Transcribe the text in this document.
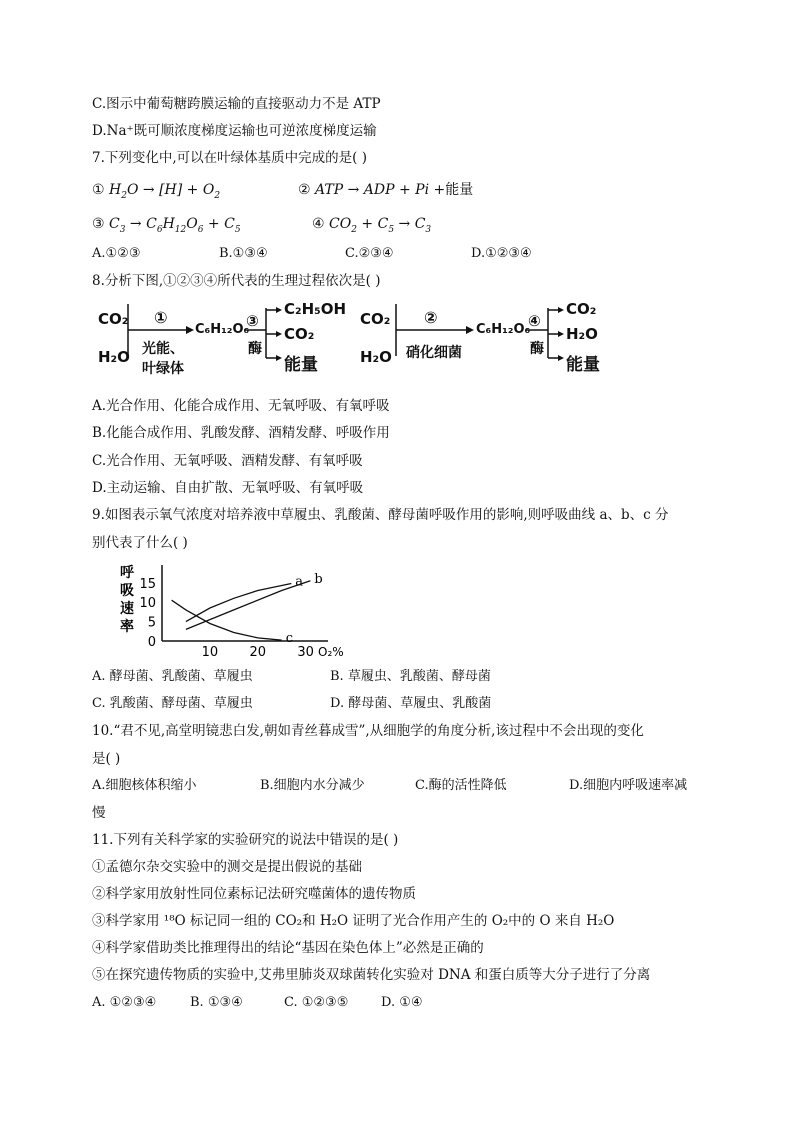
C.图示中葡萄糖跨膜运输的直接驱动力不是 ATP
D.Na⁺既可顺浓度梯度运输也可逆浓度梯度运输
7.下列变化中,可以在叶绿体基质中完成的是( )
① $H_2O \to [H] + O_2$	② ATP → ADP + Pi +能量
③ $C_3 \to C_6H_{12}O_6 + C_5$	④ $CO_2 + C_5 \to C_3$
A.①②③	B.①③④	C.②③④	D.①②③④
8.分析下图,①②③④所代表的生理过程依次是( )
CO₂
H₂O
①
光能、
叶绿体
C₆H₁₂O₆
③
酶
C₂H₅OH
CO₂
能量
CO₂
H₂O
②
硝化细菌
C₆H₁₂O₆
④
酶
CO₂
H₂O
能量
A.光合作用、化能合成作用、无氧呼吸、有氧呼吸
B.化能合成作用、乳酸发酵、酒精发酵、呼吸作用
C.光合作用、无氧呼吸、酒精发酵、有氧呼吸
D.主动运输、自由扩散、无氧呼吸、有氧呼吸
9.如图表示氧气浓度对培养液中草履虫、乳酸菌、酵母菌呼吸作用的影响,则呼吸曲线 a、b、c 分
别代表了什么( )
呼
吸
速
率
0
5
10
15
10 20 30 O₂%
a b
c
A. 酵母菌、乳酸菌、草履虫	B. 草履虫、乳酸菌、酵母菌
C. 乳酸菌、酵母菌、草履虫	D. 酵母菌、草履虫、乳酸菌
10.“君不见,高堂明镜悲白发,朝如青丝暮成雪”,从细胞学的角度分析,该过程中不会出现的变化
是( )
A.细胞核体积缩小	B.细胞内水分减少	C.酶的活性降低	D.细胞内呼吸速率减
慢
11.下列有关科学家的实验研究的说法中错误的是( )
①孟德尔杂交实验中的测交是提出假说的基础
②科学家用放射性同位素标记法研究噬菌体的遗传物质
③科学家用 ¹⁸O 标记同一组的 CO₂和 H₂O 证明了光合作用产生的 O₂中的 O 来自 H₂O
④科学家借助类比推理得出的结论“基因在染色体上”必然是正确的
⑤在探究遗传物质的实验中,艾弗里肺炎双球菌转化实验对 DNA 和蛋白质等大分子进行了分离
A. ①②③④	B. ①③④	C. ①②③⑤	D. ①④
